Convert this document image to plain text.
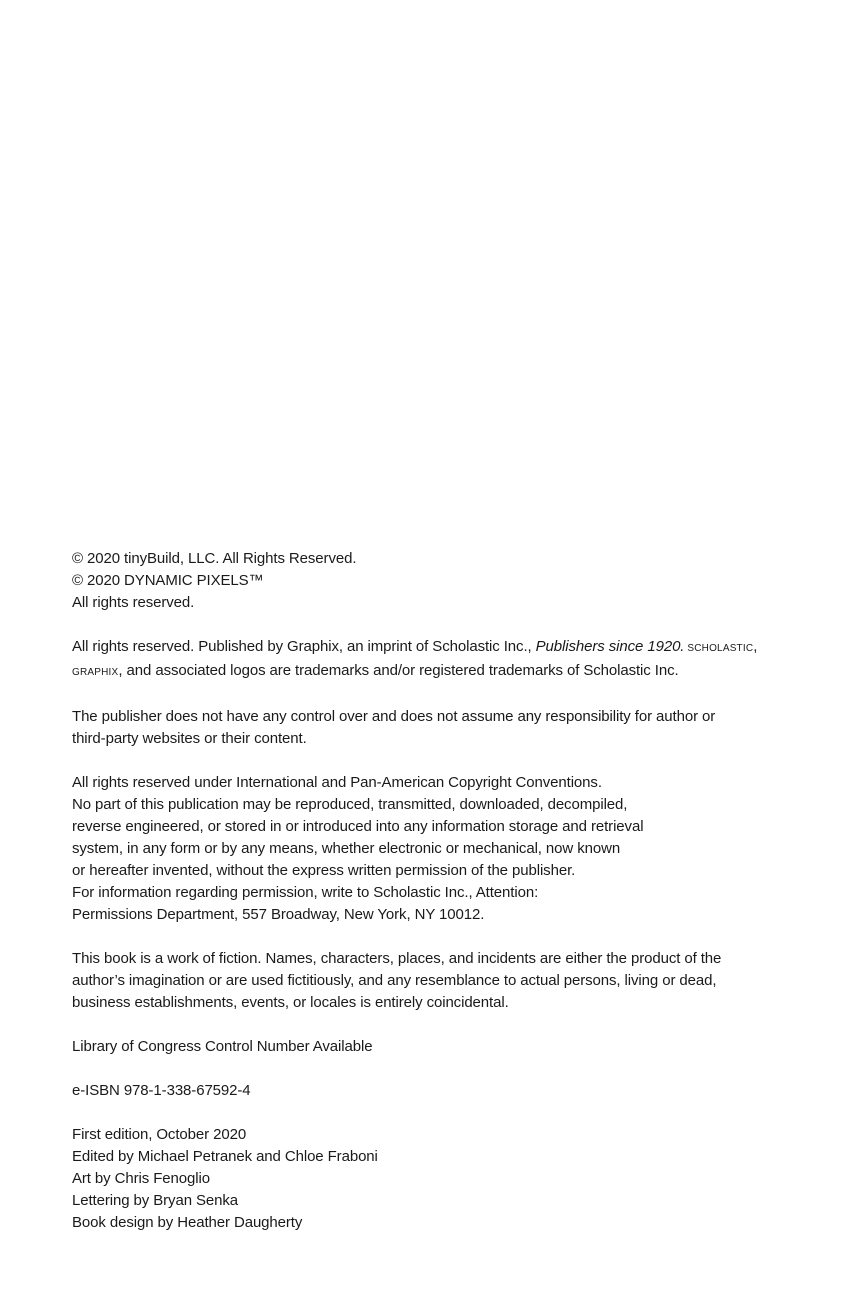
© 2020 tinyBuild, LLC. All Rights Reserved.
© 2020 DYNAMIC PIXELS™
All rights reserved.
All rights reserved. Published by Graphix, an imprint of Scholastic Inc., Publishers since 1920. SCHOLASTIC,
GRAPHIX, and associated logos are trademarks and/or registered trademarks of Scholastic Inc.
The publisher does not have any control over and does not assume any responsibility for author or
third-party websites or their content.
All rights reserved under International and Pan-American Copyright Conventions.
No part of this publication may be reproduced, transmitted, downloaded, decompiled,
reverse engineered, or stored in or introduced into any information storage and retrieval
system, in any form or by any means, whether electronic or mechanical, now known
or hereafter invented, without the express written permission of the publisher.
For information regarding permission, write to Scholastic Inc., Attention:
Permissions Department, 557 Broadway, New York, NY 10012.
This book is a work of fiction. Names, characters, places, and incidents are either the product of the
author’s imagination or are used fictitiously, and any resemblance to actual persons, living or dead,
business establishments, events, or locales is entirely coincidental.
Library of Congress Control Number Available
e-ISBN 978-1-338-67592-4
First edition, October 2020
Edited by Michael Petranek and Chloe Fraboni
Art by Chris Fenoglio
Lettering by Bryan Senka
Book design by Heather Daugherty
